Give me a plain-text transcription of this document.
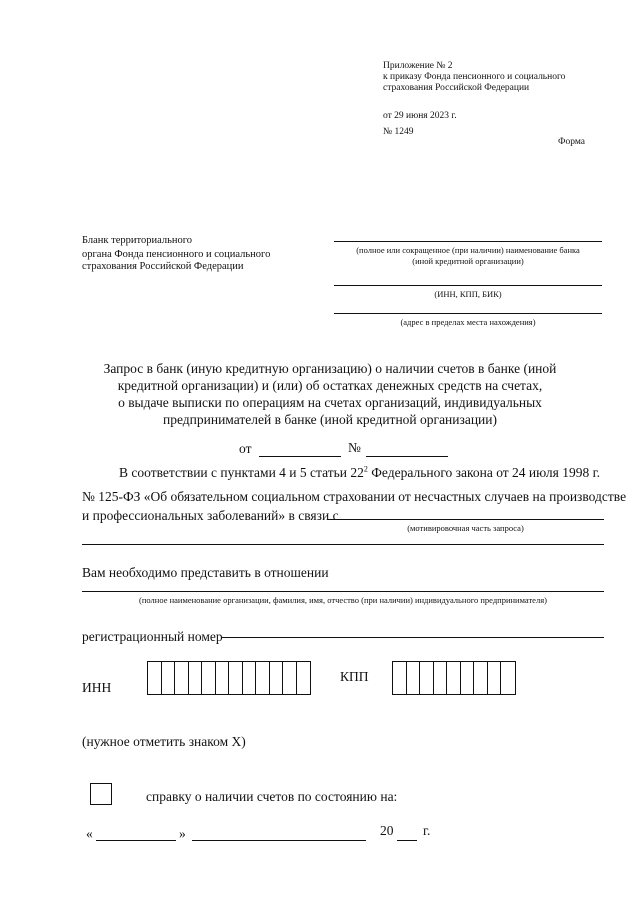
Приложение № 2
к приказу Фонда пенсионного и социального
страхования Российской Федерации
от 29 июня 2023 г.
№ 1249
Форма
Бланк территориального
органа Фонда пенсионного и социального
страхования Российской Федерации
(полное или сокращенное (при наличии) наименование банка
(иной кредитной организации)
(ИНН, КПП, БИК)
(адрес в пределах места нахождения)
Запрос в банк (иную кредитную организацию) о наличии счетов в банке (иной
кредитной организации) и (или) об остатках денежных средств на счетах,
о выдаче выписки по операциям на счетах организаций, индивидуальных
предпринимателей в банке (иной кредитной организации)
от	№
В соответствии с пунктами 4 и 5 статьи $22^2$ Федерального закона от 24 июля 1998 г.
№ 125-ФЗ «Об обязательном социальном страховании от несчастных случаев на производстве
и профессиональных заболеваний» в связи с
(мотивировочная часть запроса)
Вам необходимо представить в отношении
(полное наименование организации, фамилия, имя, отчество (при наличии) индивидуального предпринимателя)
регистрационный номер
ИНН
КПП
(нужное отметить знаком X)
справку о наличии счетов по состоянию на:
«	»	20 г.
